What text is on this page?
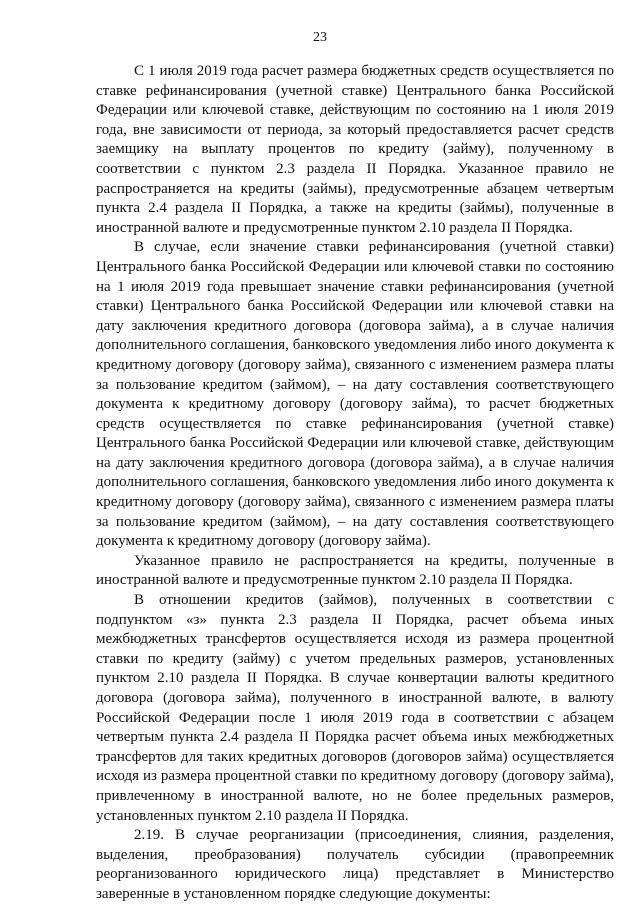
23

С 1 июля 2019 года расчет размера бюджетных средств осуществляется по ставке рефинансирования (учетной ставке) Центрального банка Российской Федерации или ключевой ставке, действующим по состоянию на 1 июля 2019 года, вне зависимости от периода, за который предоставляется расчет средств заемщику на выплату процентов по кредиту (займу), полученному в соответствии с пунктом 2.3 раздела II Порядка. Указанное правило не распространяется на кредиты (займы), предусмотренные абзацем четвертым пункта 2.4 раздела II Порядка, а также на кредиты (займы), полученные в иностранной валюте и предусмотренные пунктом 2.10 раздела II Порядка.

В случае, если значение ставки рефинансирования (учетной ставки) Центрального банка Российской Федерации или ключевой ставки по состоянию на 1 июля 2019 года превышает значение ставки рефинансирования (учетной ставки) Центрального банка Российской Федерации или ключевой ставки на дату заключения кредитного договора (договора займа), а в случае наличия дополнительного соглашения, банковского уведомления либо иного документа к кредитному договору (договору займа), связанного с изменением размера платы за пользование кредитом (займом), – на дату составления соответствующего документа к кредитному договору (договору займа), то расчет бюджетных средств осуществляется по ставке рефинансирования (учетной ставке) Центрального банка Российской Федерации или ключевой ставке, действующим на дату заключения кредитного договора (договора займа), а в случае наличия дополнительного соглашения, банковского уведомления либо иного документа к кредитному договору (договору займа), связанного с изменением размера платы за пользование кредитом (займом), – на дату составления соответствующего документа к кредитному договору (договору займа).

Указанное правило не распространяется на кредиты, полученные в иностранной валюте и предусмотренные пунктом 2.10 раздела II Порядка.

В отношении кредитов (займов), полученных в соответствии с подпунктом «з» пункта 2.3 раздела II Порядка, расчет объема иных межбюджетных трансфертов осуществляется исходя из размера процентной ставки по кредиту (займу) с учетом предельных размеров, установленных пунктом 2.10 раздела II Порядка. В случае конвертации валюты кредитного договора (договора займа), полученного в иностранной валюте, в валюту Российской Федерации после 1 июля 2019 года в соответствии с абзацем четвертым пункта 2.4 раздела II Порядка расчет объема иных межбюджетных трансфертов для таких кредитных договоров (договоров займа) осуществляется исходя из размера процентной ставки по кредитному договору (договору займа), привлеченному в иностранной валюте, но не более предельных размеров, установленных пунктом 2.10 раздела II Порядка.

2.19. В случае реорганизации (присоединения, слияния, разделения, выделения, преобразования) получатель субсидии (правопреемник реорганизованного юридического лица) представляет в Министерство заверенные в установленном порядке следующие документы:
